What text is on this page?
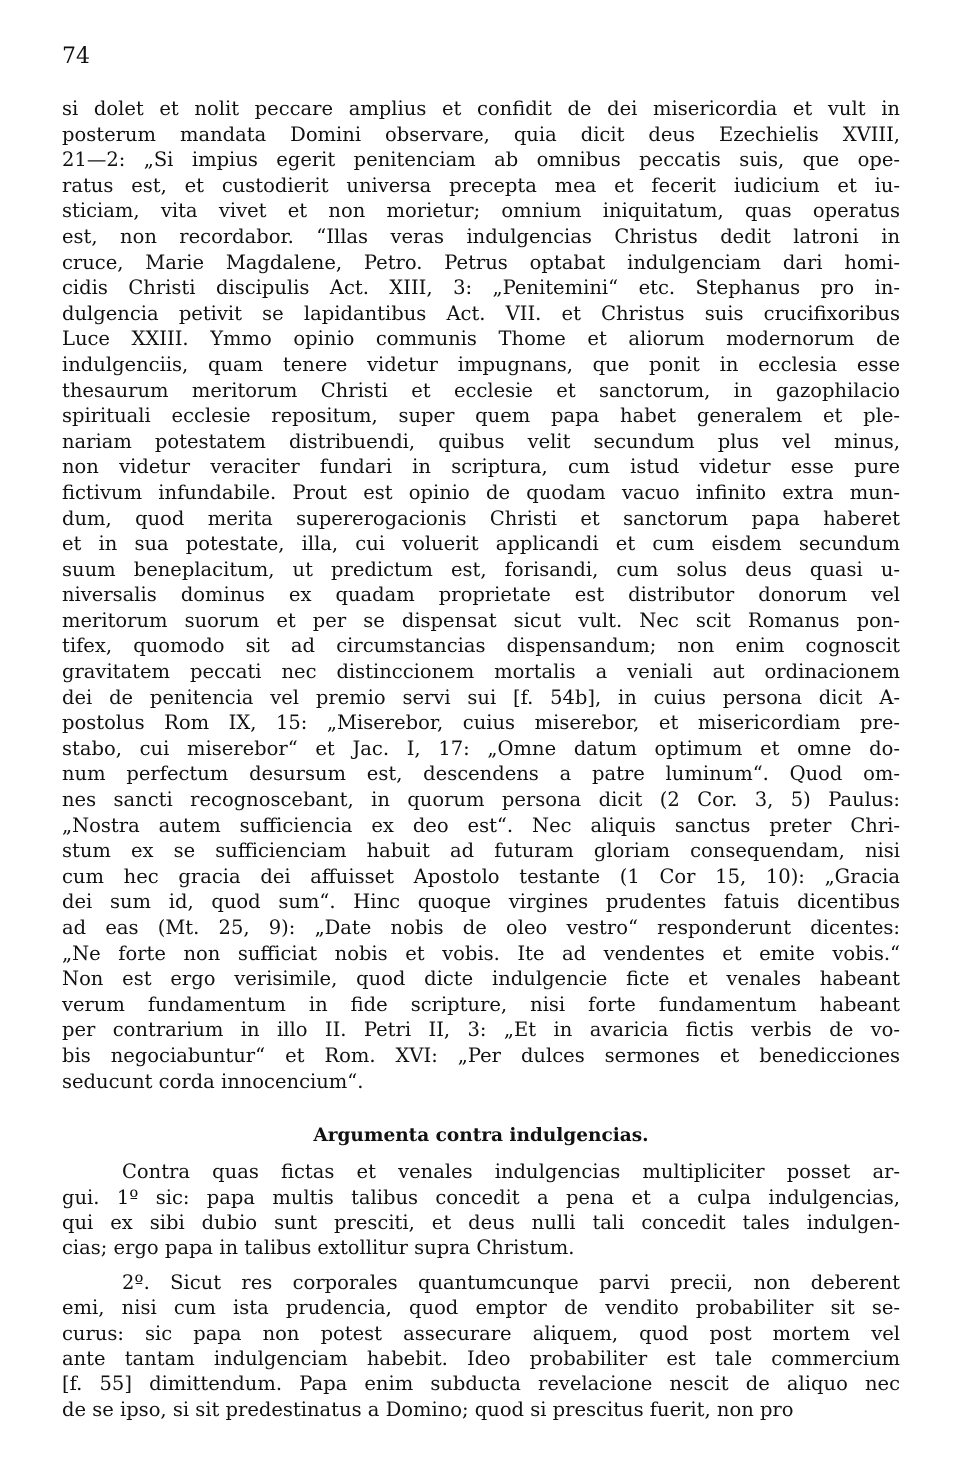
74
si dolet et nolit peccare amplius et confidit de dei misericordia et vult in
posterum mandata Domini observare, quia dicit deus Ezechielis XVIII,
21—2: „Si impius egerit penitenciam ab omnibus peccatis suis, que ope-
ratus est, et custodierit universa precepta mea et fecerit iudicium et iu-
sticiam, vita vivet et non morietur; omnium iniquitatum, quas operatus
est, non recordabor. “Illas veras indulgencias Christus dedit latroni in
cruce, Marie Magdalene, Petro. Petrus optabat indulgenciam dari homi-
cidis Christi discipulis Act. XIII, 3: „Penitemini“ etc. Stephanus pro in-
dulgencia petivit se lapidantibus Act. VII. et Christus suis crucifixoribus
Luce XXIII. Ymmo opinio communis Thome et aliorum modernorum de
indulgenciis, quam tenere videtur impugnans, que ponit in ecclesia esse
thesaurum meritorum Christi et ecclesie et sanctorum, in gazophilacio
spirituali ecclesie repositum, super quem papa habet generalem et ple-
nariam potestatem distribuendi, quibus velit secundum plus vel minus,
non videtur veraciter fundari in scriptura, cum istud videtur esse pure
fictivum infundabile. Prout est opinio de quodam vacuo infinito extra mun-
dum, quod merita supererogacionis Christi et sanctorum papa haberet
et in sua potestate, illa, cui voluerit applicandi et cum eisdem secundum
suum beneplacitum, ut predictum est, forisandi, cum solus deus quasi u-
niversalis dominus ex quadam proprietate est distributor donorum vel
meritorum suorum et per se dispensat sicut vult. Nec scit Romanus pon-
tifex, quomodo sit ad circumstancias dispensandum; non enim cognoscit
gravitatem peccati nec distinccionem mortalis a veniali aut ordinacionem
dei de penitencia vel premio servi sui [f. 54b], in cuius persona dicit A-
postolus Rom IX, 15: „Miserebor, cuius miserebor, et misericordiam pre-
stabo, cui miserebor“ et Jac. I, 17: „Omne datum optimum et omne do-
num perfectum desursum est, descendens a patre luminum“. Quod om-
nes sancti recognoscebant, in quorum persona dicit (2 Cor. 3, 5) Paulus:
„Nostra autem sufficiencia ex deo est“. Nec aliquis sanctus preter Chri-
stum ex se sufficienciam habuit ad futuram gloriam consequendam, nisi
cum hec gracia dei affuisset Apostolo testante (1 Cor 15, 10): „Gracia
dei sum id, quod sum“. Hinc quoque virgines prudentes fatuis dicentibus
ad eas (Mt. 25, 9): „Date nobis de oleo vestro“ responderunt dicentes:
„Ne forte non sufficiat nobis et vobis. Ite ad vendentes et emite vobis.“
Non est ergo verisimile, quod dicte indulgencie ficte et venales habeant
verum fundamentum in fide scripture, nisi forte fundamentum habeant
per contrarium in illo II. Petri II, 3: „Et in avaricia fictis verbis de vo-
bis negociabuntur“ et Rom. XVI: „Per dulces sermones et benedicciones
seducunt corda innocencium“.
Argumenta contra indulgencias.
Contra quas fictas et venales indulgencias multipliciter posset ar-
gui. 1º sic: papa multis talibus concedit a pena et a culpa indulgencias,
qui ex sibi dubio sunt presciti, et deus nulli tali concedit tales indulgen-
cias; ergo papa in talibus extollitur supra Christum.
2º. Sicut res corporales quantumcunque parvi precii, non deberent
emi, nisi cum ista prudencia, quod emptor de vendito probabiliter sit se-
curus: sic papa non potest assecurare aliquem, quod post mortem vel
ante tantam indulgenciam habebit. Ideo probabiliter est tale commercium
[f. 55] dimittendum. Papa enim subducta revelacione nescit de aliquo nec
de se ipso, si sit predestinatus a Domino; quod si prescitus fuerit, non pro
